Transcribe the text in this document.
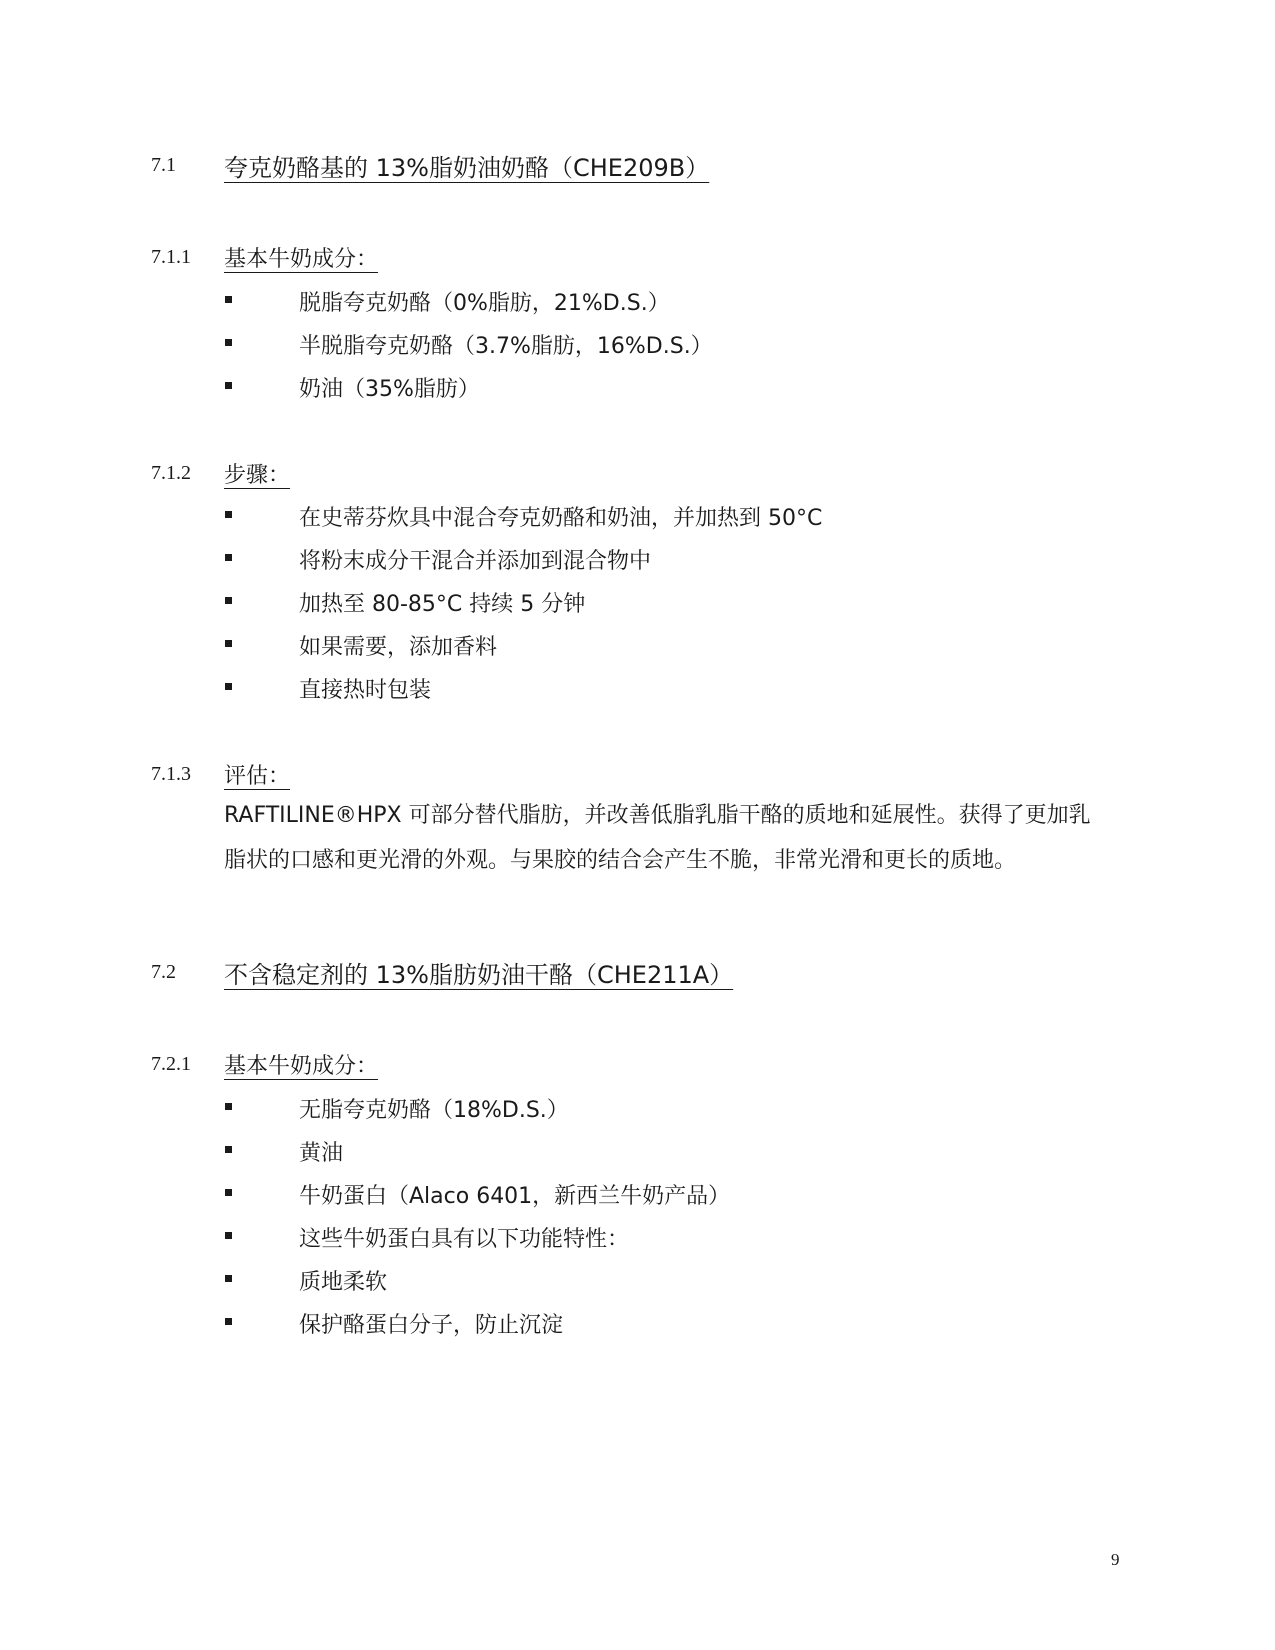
7.1 夸克奶酪基的 13%脂奶油奶酪（CHE209B）
7.1.1 基本牛奶成分：
脱脂夸克奶酪（0%脂肪，21%D.S.）
半脱脂夸克奶酪（3.7%脂肪，16%D.S.）
奶油（35%脂肪）
7.1.2 步骤：
在史蒂芬炊具中混合夸克奶酪和奶油，并加热到 50°C
将粉末成分干混合并添加到混合物中
加热至 80-85°C 持续 5 分钟
如果需要，添加香料
直接热时包装
7.1.3 评估：
RAFTILINE®HPX 可部分替代脂肪，并改善低脂乳脂干酪的质地和延展性。获得了更加乳
脂状的口感和更光滑的外观。与果胶的结合会产生不脆，非常光滑和更长的质地。
7.2 不含稳定剂的 13%脂肪奶油干酪（CHE211A）
7.2.1 基本牛奶成分：
无脂夸克奶酪（18%D.S.）
黄油
牛奶蛋白（Alaco 6401，新西兰牛奶产品）
这些牛奶蛋白具有以下功能特性：
质地柔软
保护酪蛋白分子，防止沉淀
9
